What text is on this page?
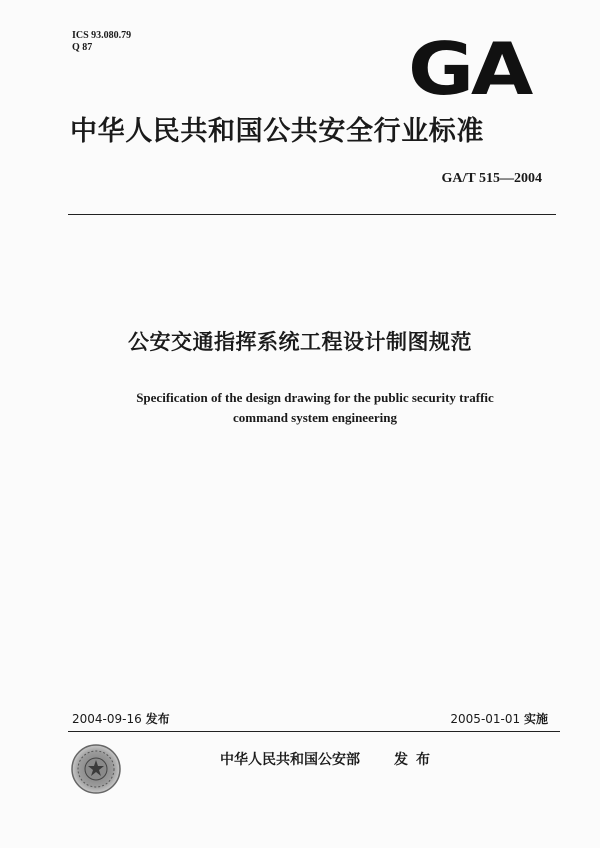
ICS 93.080.79
Q 87	GA
中华人民共和国公共安全行业标准
GA/T 515—2004
公安交通指挥系统工程设计制图规范
Specification of the design drawing for the public security traffic
command system engineering
2004-09-16 发布	2005-01-01 实施
中华人民共和国公安部 发布
